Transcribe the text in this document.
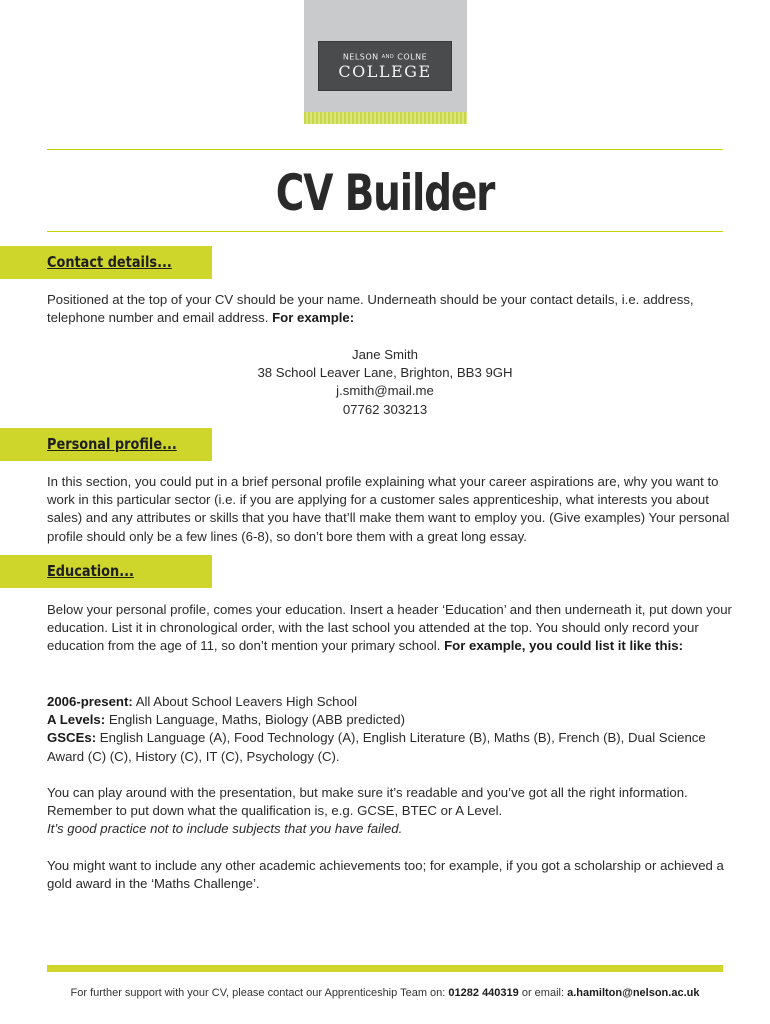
NELSON AND COLNE
COLLEGE
CV Builder
Contact details...

Positioned at the top of your CV should be your name. Underneath should be your contact details, i.e. address, telephone number and email address. For example:

Jane Smith
38 School Leaver Lane, Brighton, BB3 9GH
j.smith@mail.me
07762 303213
Personal profile...

In this section, you could put in a brief personal profile explaining what your career aspirations are, why you want to work in this particular sector (i.e. if you are applying for a customer sales apprenticeship, what interests you about sales) and any attributes or skills that you have that’ll make them want to employ you. (Give examples) Your personal profile should only be a few lines (6-8), so don’t bore them with a great long essay.

Education...

Below your personal profile, comes your education. Insert a header ‘Education’ and then underneath it, put down your education. List it in chronological order, with the last school you attended at the top. You should only record your education from the age of 11, so don’t mention your primary school. For example, you could list it like this:

2006-present: All About School Leavers High School
A Levels: English Language, Maths, Biology (ABB predicted)
GSCEs: English Language (A), Food Technology (A), English Literature (B), Maths (B), French (B), Dual Science Award (C) (C), History (C), IT (C), Psychology (C).

You can play around with the presentation, but make sure it’s readable and you’ve got all the right information. Remember to put down what the qualification is, e.g. GCSE, BTEC or A Level.
It’s good practice not to include subjects that you have failed.

You might want to include any other academic achievements too; for example, if you got a scholarship or achieved a gold award in the ‘Maths Challenge’.

For further support with your CV, please contact our Apprenticeship Team on: 01282 440319 or email: a.hamilton@nelson.ac.uk
